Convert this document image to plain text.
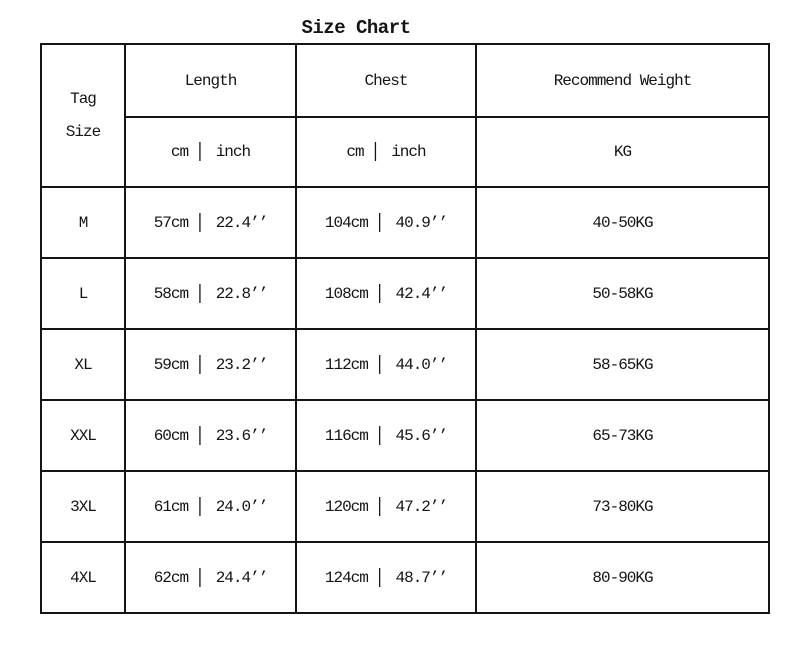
Size Chart
Tag
Size	Length	Chest	Recommend Weight
	cm | inch	cm | inch	KG
M	57cm | 22.4’’	104cm | 40.9’’	40-50KG
L	58cm | 22.8’’	108cm | 42.4’’	50-58KG
XL	59cm | 23.2’’	112cm | 44.0’’	58-65KG
XXL	60cm | 23.6’’	116cm | 45.6’’	65-73KG
3XL	61cm | 24.0’’	120cm | 47.2’’	73-80KG
4XL	62cm | 24.4’’	124cm | 48.7’’	80-90KG
